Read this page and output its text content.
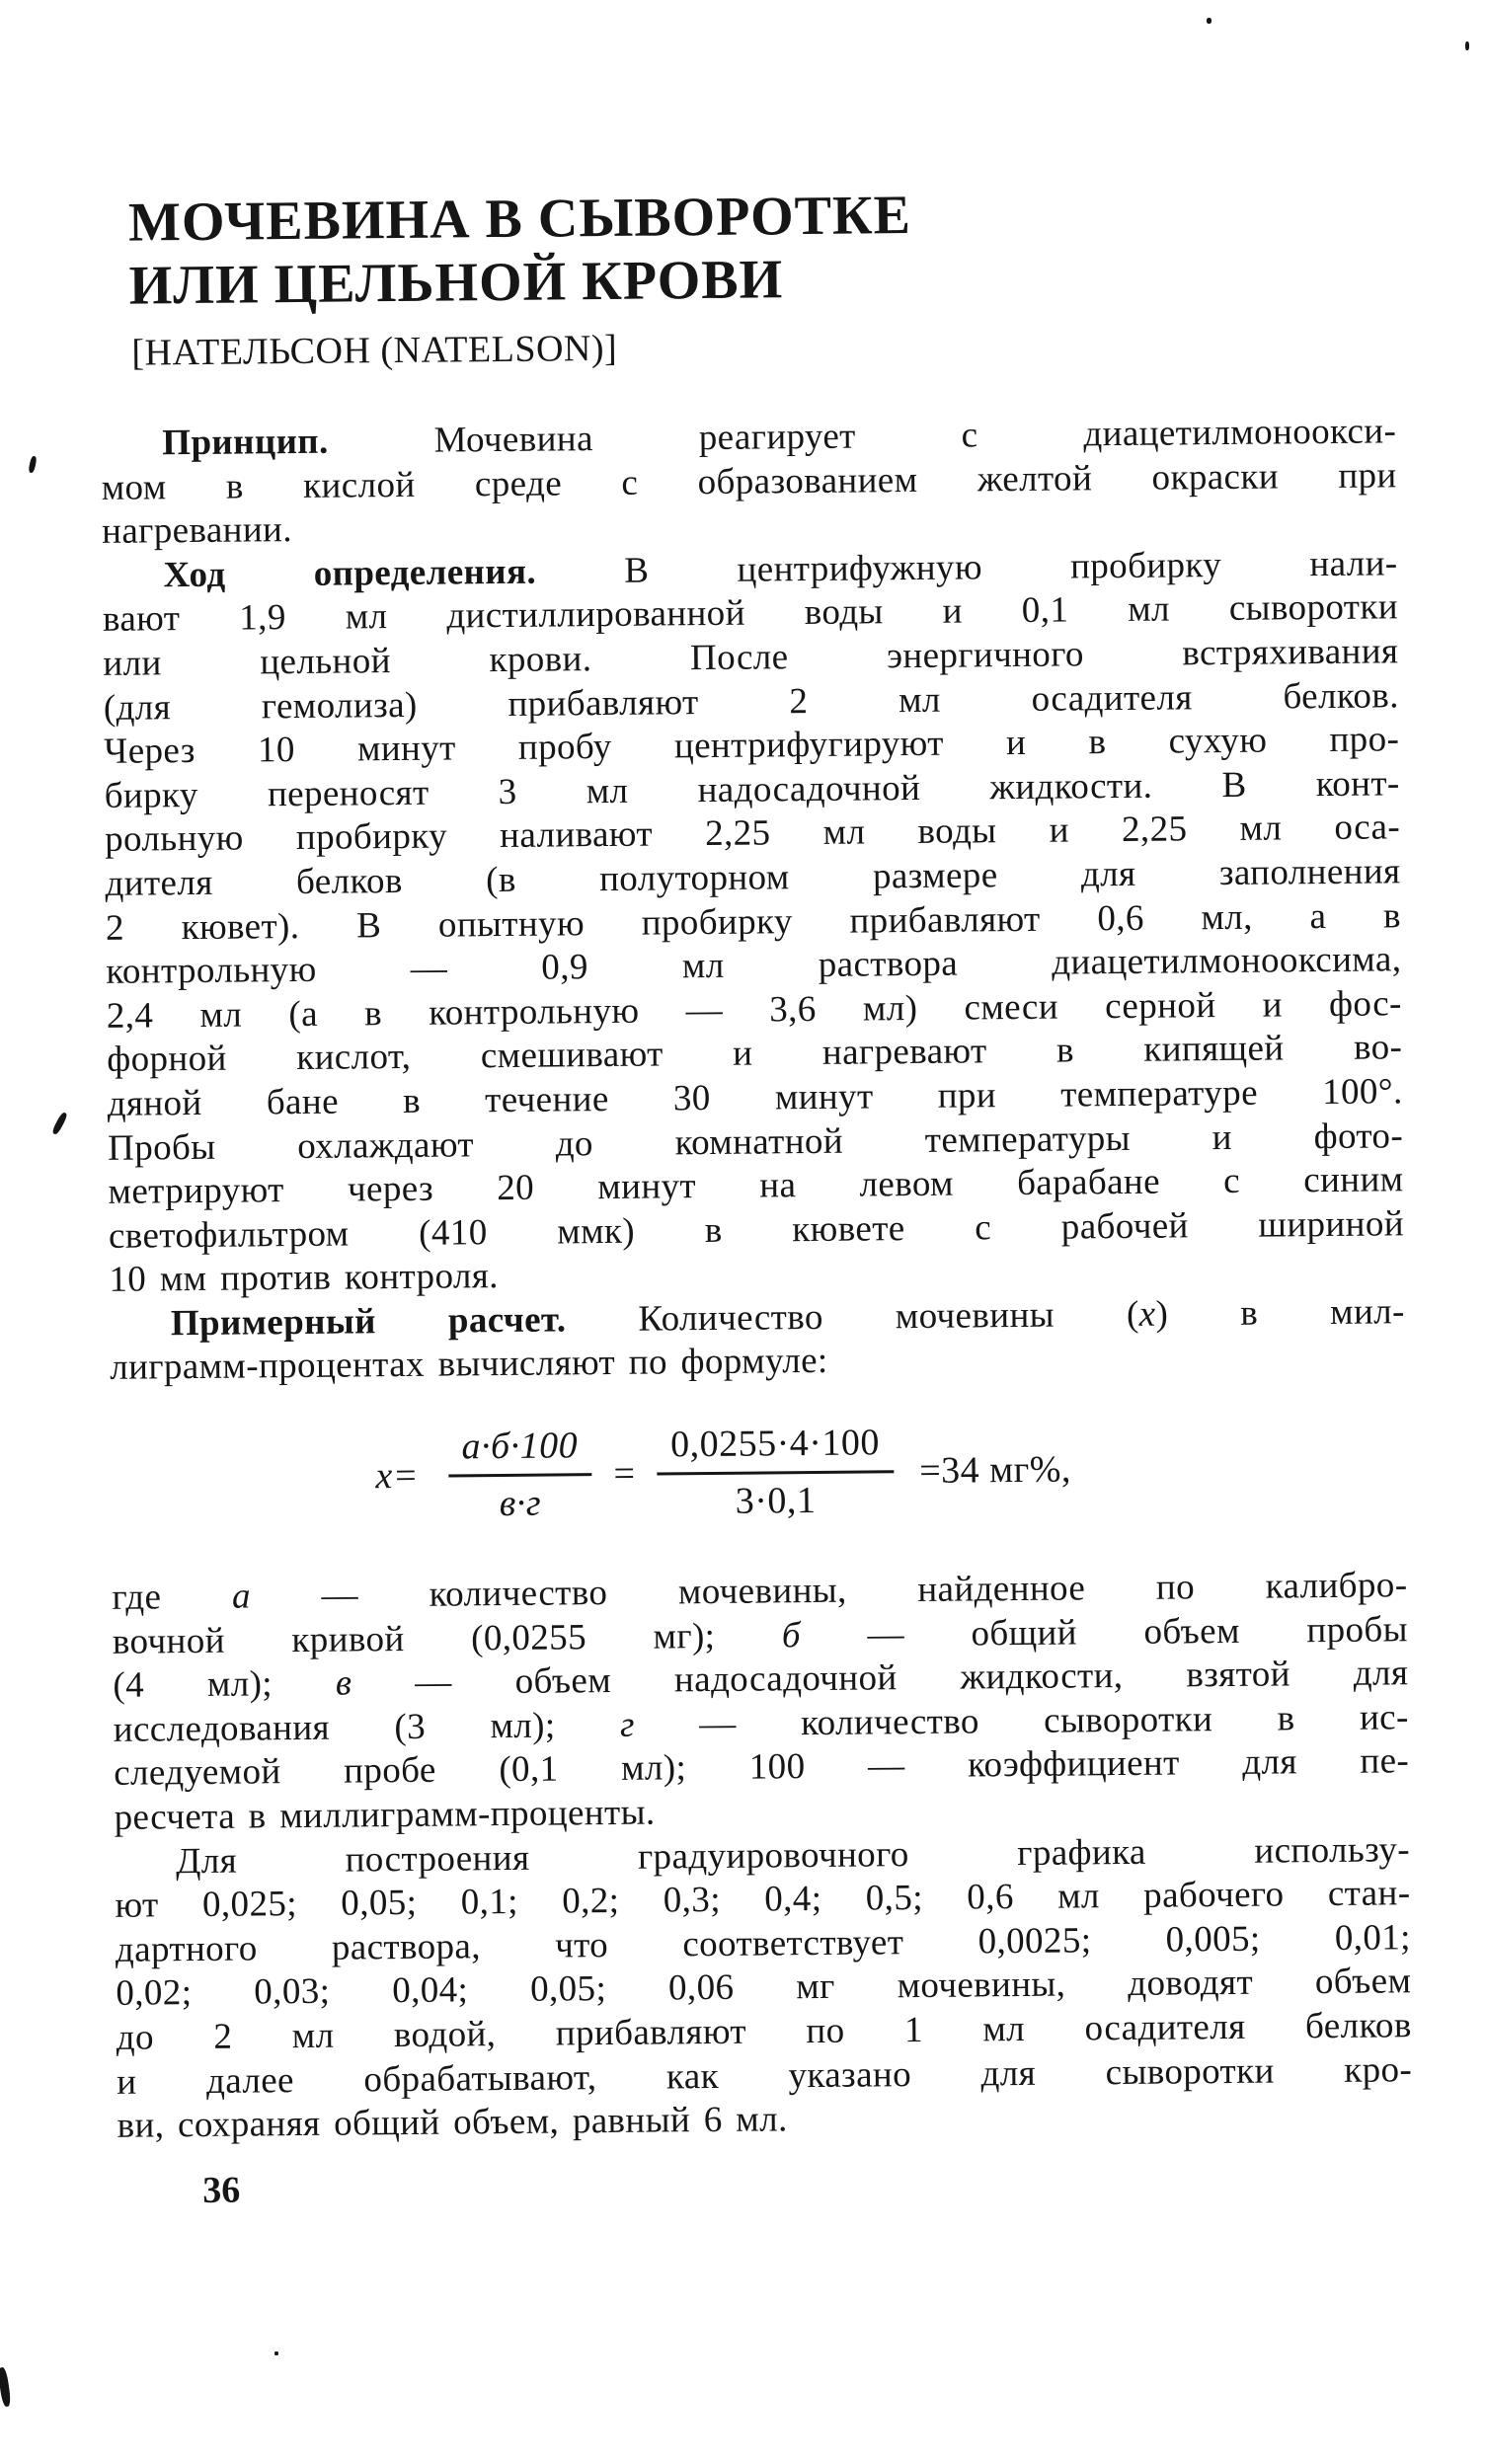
МОЧЕВИНА В СЫВОРОТКЕ
ИЛИ ЦЕЛЬНОЙ КРОВИ
[НАТЕЛЬСОН (NATELSON)]
Принцип. Мочевина реагирует с диацетилмоноокси-
мом в кислой среде с образованием желтой окраски при
нагревании.
Ход определения. В центрифужную пробирку нали-
вают 1,9 мл дистиллированной воды и 0,1 мл сыворотки
или цельной крови. После энергичного встряхивания
(для гемолиза) прибавляют 2 мл осадителя белков.
Через 10 минут пробу центрифугируют и в сухую про-
бирку переносят 3 мл надосадочной жидкости. В конт-
рольную пробирку наливают 2,25 мл воды и 2,25 мл оса-
дителя белков (в полуторном размере для заполнения
2 кювет). В опытную пробирку прибавляют 0,6 мл, а в
контрольную — 0,9 мл раствора диацетилмонооксима,
2,4 мл (а в контрольную — 3,6 мл) смеси серной и фос-
форной кислот, смешивают и нагревают в кипящей во-
дяной бане в течение 30 минут при температуре 100°.
Пробы охлаждают до комнатной температуры и фото-
метрируют через 20 минут на левом барабане с синим
светофильтром (410 ммк) в кювете с рабочей шириной
10 мм против контроля.
Примерный расчет. Количество мочевины (x) в мил-
лиграмм-процентах вычисляют по формуле:
$x= \frac{а\cdot б\cdot 100}{в\cdot г} = \frac{0,0255\cdot 4\cdot 100}{3\cdot 0,1} =34$ мг%,
где а — количество мочевины, найденное по калибро-
вочной кривой (0,0255 мг); б — общий объем пробы
(4 мл); в — объем надосадочной жидкости, взятой для
исследования (3 мл); г — количество сыворотки в ис-
следуемой пробе (0,1 мл); 100 — коэффициент для пе-
ресчета в миллиграмм-проценты.
Для построения градуировочного графика использу-
ют 0,025; 0,05; 0,1; 0,2; 0,3; 0,4; 0,5; 0,6 мл рабочего стан-
дартного раствора, что соответствует 0,0025; 0,005; 0,01;
0,02; 0,03; 0,04; 0,05; 0,06 мг мочевины, доводят объем
до 2 мл водой, прибавляют по 1 мл осадителя белков
и далее обрабатывают, как указано для сыворотки кро-
ви, сохраняя общий объем, равный 6 мл.
36
